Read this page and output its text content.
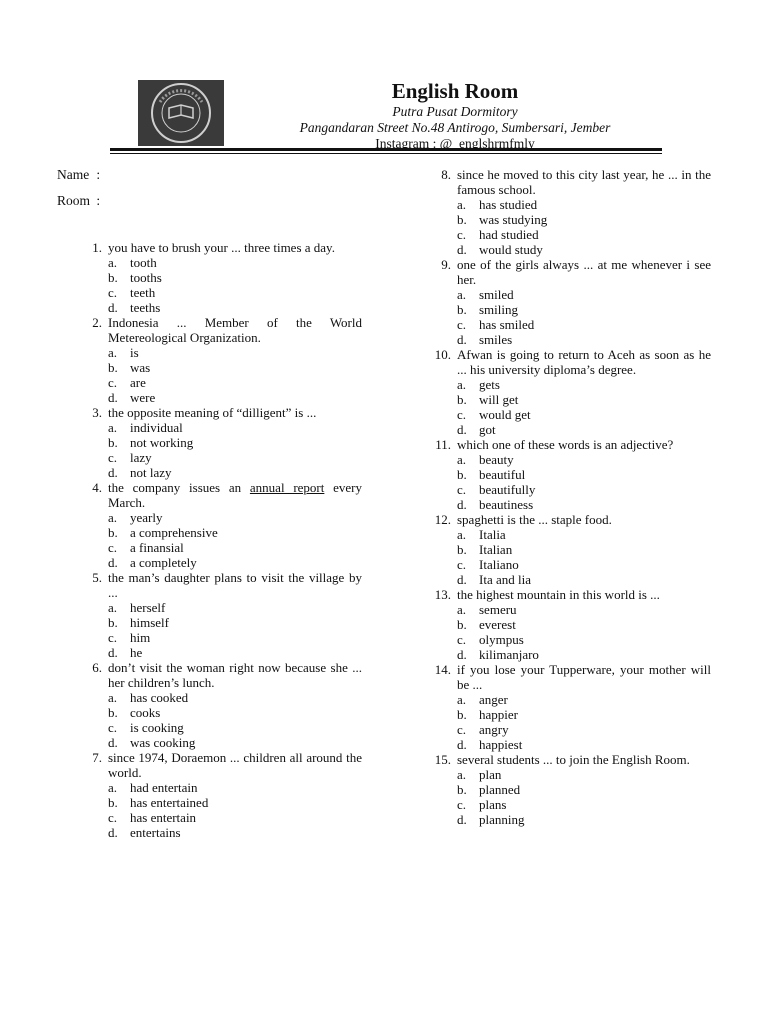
English Room
Putra Pusat Dormitory
Pangandaran Street No.48 Antirogo, Sumbersari, Jember
Instagram : @_englshrmfmly
Name :
Room :
1. you have to brush your ... three times a day.
a. tooth
b. tooths
c. teeth
d. teeths
2. Indonesia ... Member of the World Metereological Organization.
a. is
b. was
c. are
d. were
3. the opposite meaning of “dilligent” is ...
a. individual
b. not working
c. lazy
d. not lazy
4. the company issues an annual report every March.
a. yearly
b. a comprehensive
c. a finansial
d. a completely
5. the man’s daughter plans to visit the village by ...
a. herself
b. himself
c. him
d. he
6. don’t visit the woman right now because she ... her children’s lunch.
a. has cooked
b. cooks
c. is cooking
d. was cooking
7. since 1974, Doraemon ... children all around the world.
a. had entertain
b. has entertained
c. has entertain
d. entertains
8. since he moved to this city last year, he ... in the famous school.
a. has studied
b. was studying
c. had studied
d. would study
9. one of the girls always ... at me whenever i see her.
a. smiled
b. smiling
c. has smiled
d. smiles
10. Afwan is going to return to Aceh as soon as he ... his university diploma’s degree.
a. gets
b. will get
c. would get
d. got
11. which one of these words is an adjective?
a. beauty
b. beautiful
c. beautifully
d. beautiness
12. spaghetti is the ... staple food.
a. Italia
b. Italian
c. Italiano
d. Ita and lia
13. the highest mountain in this world is ...
a. semeru
b. everest
c. olympus
d. kilimanjaro
14. if you lose your Tupperware, your mother will be ...
a. anger
b. happier
c. angry
d. happiest
15. several students ... to join the English Room.
a. plan
b. planned
c. plans
d. planning
